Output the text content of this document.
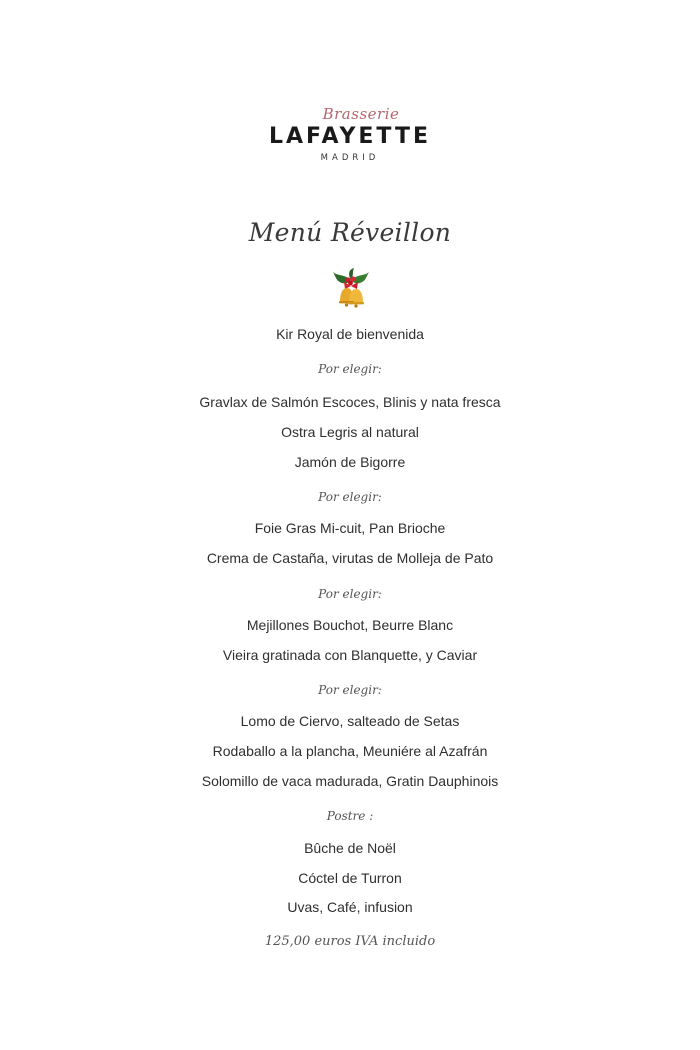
Brasserie
LAFAYETTE
MADRID
Menú Réveillon
Kir Royal de bienvenida
Por elegir:
Gravlax de Salmón Escoces, Blinis y nata fresca
Ostra Legris al natural
Jamón de Bigorre
Por elegir:
Foie Gras Mi-cuit, Pan Brioche
Crema de Castaña, virutas de Molleja de Pato
Por elegir:
Mejillones Bouchot, Beurre Blanc
Vieira gratinada con Blanquette, y Caviar
Por elegir:
Lomo de Ciervo, salteado de Setas
Rodaballo a la plancha, Meuniére al Azafrán
Solomillo de vaca madurada, Gratin Dauphinois
Postre :
Bûche de Noël
Cóctel de Turron
Uvas, Café, infusion
125,00 euros IVA incluido
